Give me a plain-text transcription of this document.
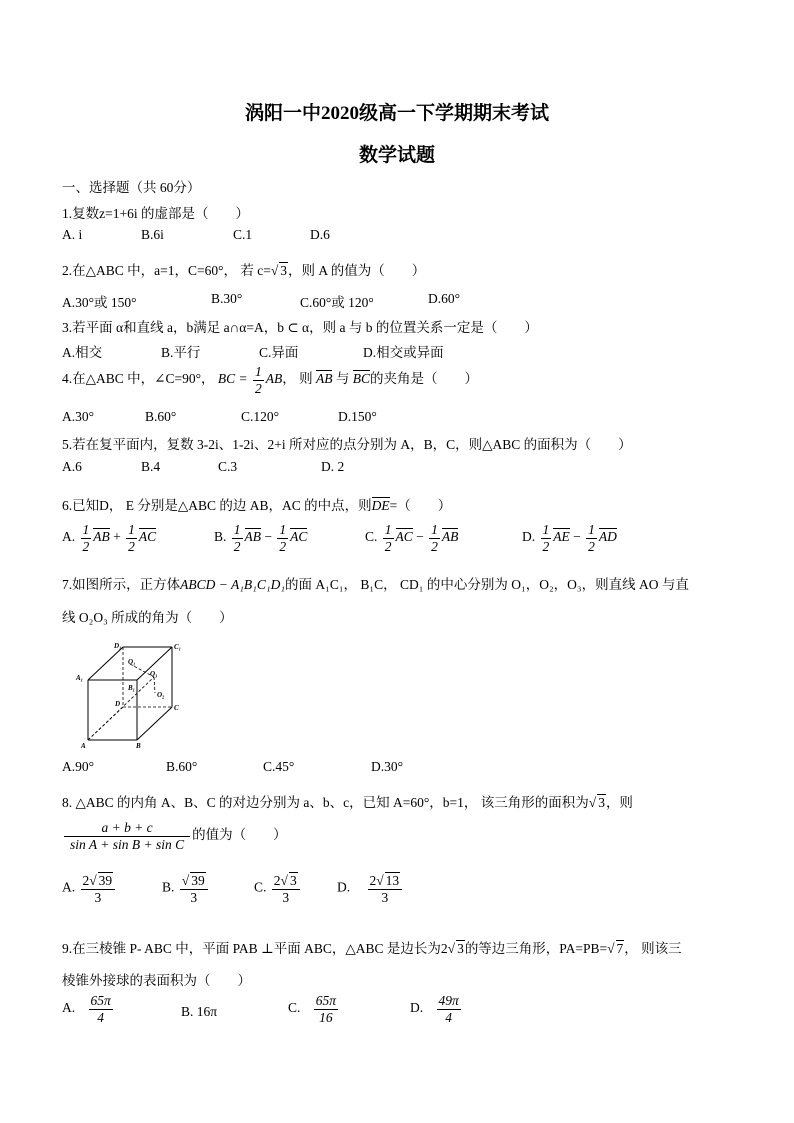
涡阳一中2020级高一下学期期末考试
数学试题
一、选择题（共 60分）
1.复数z=1+6i 的虚部是（　　）
A. i	B.6i	C.1	D.6
2.在△ABC 中，a=1，C=60°， 若 c=√ 3，则 A 的值为（　　）
A.30°或 150°	B.30°	C.60°或 120°	D.60°
3.若平面 α和直线 a，b满足 a∩α=A，b ⊂ α，则 a 与 b 的位置关系一定是（　　）
A.相交	B.平行	C.异面	D.相交或异面
4.在△ABC 中，∠C=90°， BC = $\frac{1}{2}$ AB， 则 AB 与 BC的夹角是（　　）
A.30°	B.60°	C.120°	D.150°
5.若在复平面内，复数 3-2i、1-2i、2+i 所对应的点分别为 A，B，C，则△ABC 的面积为（　　）
A.6	B.4	C.3	D. 2
6.已知D， E 分别是△ABC 的边 AB，AC 的中点，则DE=（　　）
A. $\frac{1}{2}$ AB + $\frac{1}{2}$ AC	B. $\frac{1}{2}$ AB − $\frac{1}{2}$ AC	C. $\frac{1}{2}$ AC − $\frac{1}{2}$ AB	D. $\frac{1}{2}$ AE − $\frac{1}{2}$ AD
7.如图所示，正方体ABCD − A₁B₁C₁D₁的面 A₁C₁， B₁C， CD₁ 的中心分别为 O₁，O₂，O₃，则直线 AO 与直
线 O₂O₃ 所成的角为（　　）
D₁	C₁
A₁
B₁
O₁
O₂
O₃
D	C
A	B
A.90°	B.60°	C.45°	D.30°
8. △ABC 的内角 A、B、C 的对边分别为 a、b、c，已知 A=60°，b=1， 该三角形的面积为√ 3，则
$\frac{a + b + c}{\text{sin A + sin B + sin C}}$ 的值为（　　）
A. $\frac{2√ 39}{3}$	B. $\frac{√ 39}{3}$	C. $\frac{2√ 3}{3}$	D. $\frac{2√ 13}{3}$
9.在三棱锥 P- ABC 中，平面 PAB ⊥平面 ABC，△ABC 是边长为2√ 3的等边三角形，PA=PB=√ 7， 则该三
棱锥外接球的表面积为（　　）
A. $\frac{65\pi}{4}$	B. 16π	C. $\frac{65\pi}{16}$	D. $\frac{49\pi}{4}$
